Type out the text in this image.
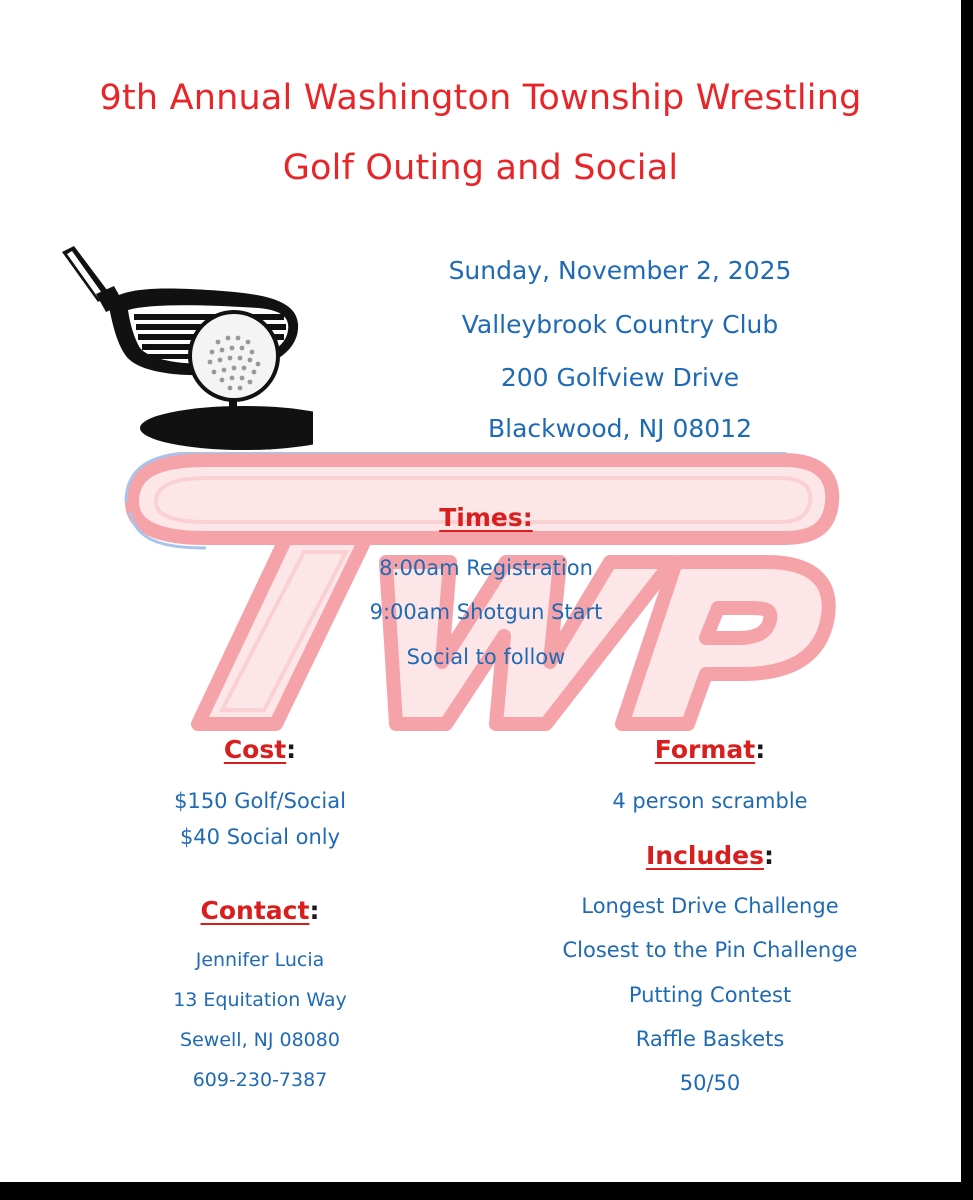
9th Annual Washington Township Wrestling
Golf Outing and Social
Sunday, November 2, 2025
Valleybrook Country Club
200 Golfview Drive
Blackwood, NJ 08012
Times:
8:00am Registration
9:00am Shotgun Start
Social to follow
Cost:
$150 Golf/Social
$40 Social only
Contact:
Jennifer Lucia
13 Equitation Way
Sewell, NJ 08080
609-230-7387
Format:
4 person scramble
Includes:
Longest Drive Challenge
Closest to the Pin Challenge
Putting Contest
Raffle Baskets
50/50
